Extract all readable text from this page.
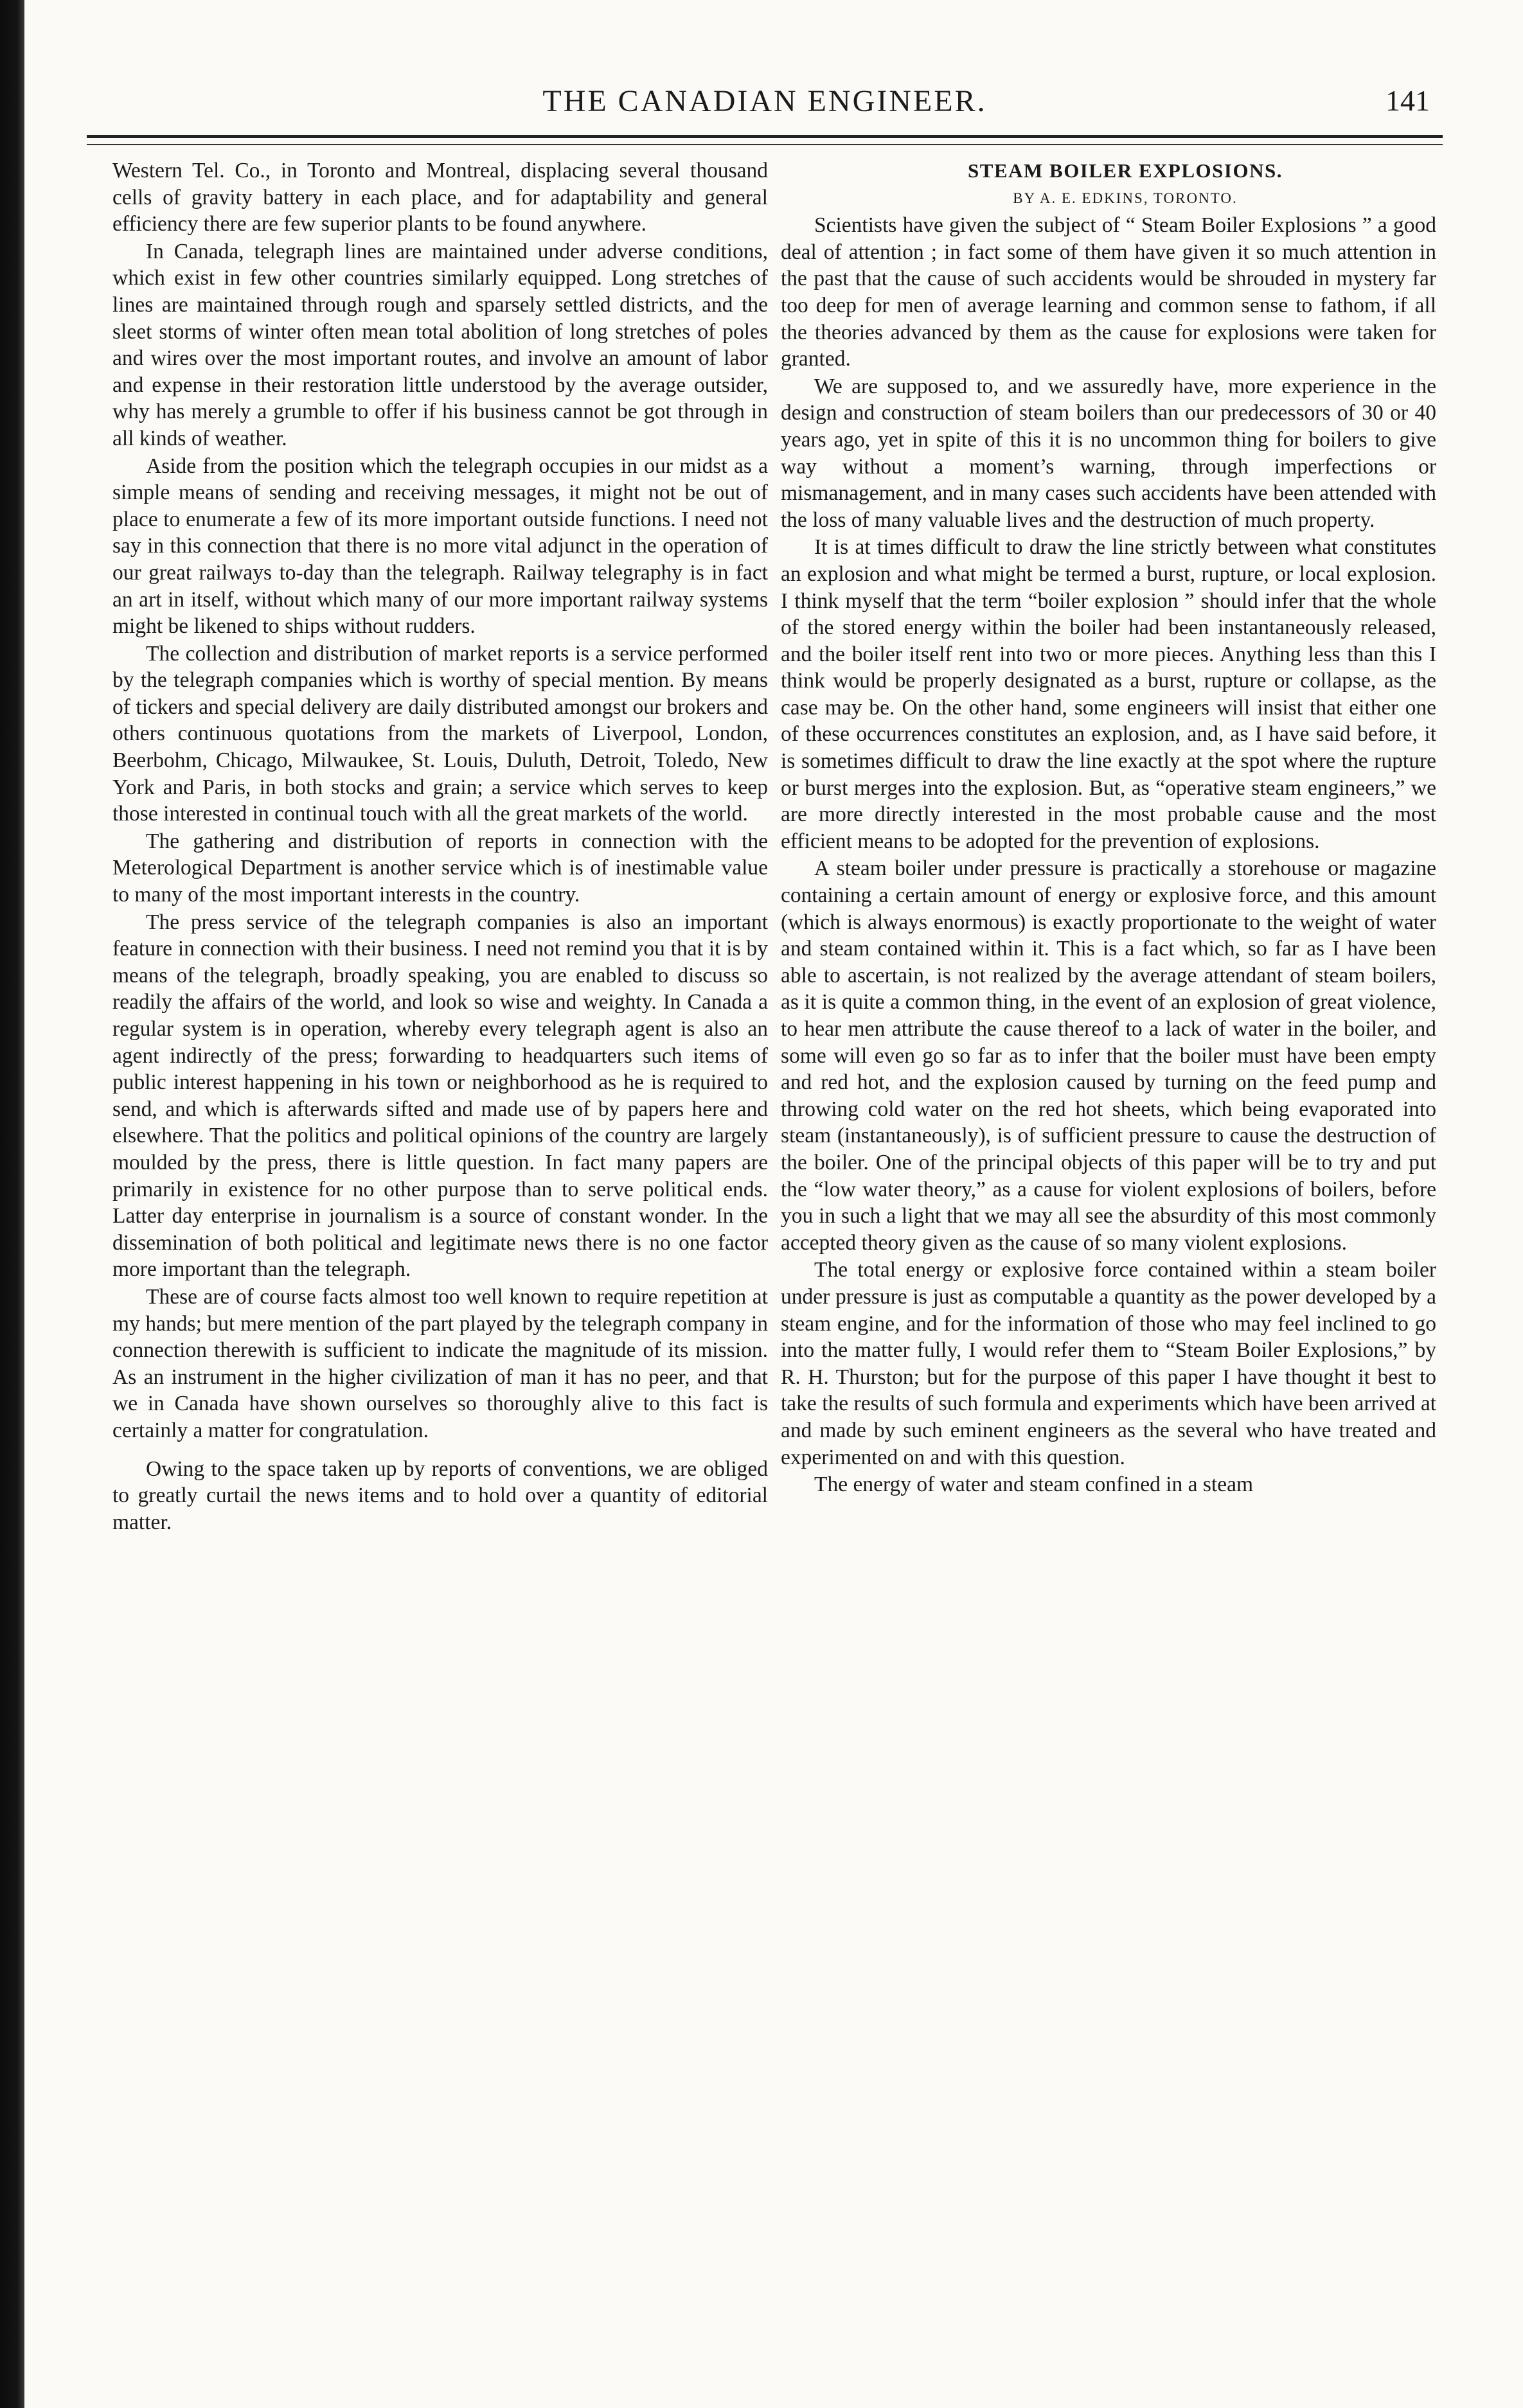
THE CANADIAN ENGINEER.	141

Western Tel. Co., in Toronto and Montreal, displacing several thousand cells of gravity battery in each place, and for adaptability and general efficiency there are few superior plants to be found anywhere.

In Canada, telegraph lines are maintained under adverse conditions, which exist in few other countries similarly equipped. Long stretches of lines are maintained through rough and sparsely settled districts, and the sleet storms of winter often mean total abolition of long stretches of poles and wires over the most important routes, and involve an amount of labor and expense in their restoration little understood by the average outsider, why has merely a grumble to offer if his business cannot be got through in all kinds of weather.

Aside from the position which the telegraph occupies in our midst as a simple means of sending and receiving messages, it might not be out of place to enumerate a few of its more important outside functions. I need not say in this connection that there is no more vital adjunct in the operation of our great railways to-day than the telegraph. Railway telegraphy is in fact an art in itself, without which many of our more important railway systems might be likened to ships without rudders.

The collection and distribution of market reports is a service performed by the telegraph companies which is worthy of special mention. By means of tickers and special delivery are daily distributed amongst our brokers and others continuous quotations from the markets of Liverpool, London, Beerbohm, Chicago, Milwaukee, St. Louis, Duluth, Detroit, Toledo, New York and Paris, in both stocks and grain; a service which serves to keep those interested in continual touch with all the great markets of the world.

The gathering and distribution of reports in connection with the Meterological Department is another service which is of inestimable value to many of the most important interests in the country.

The press service of the telegraph companies is also an important feature in connection with their business. I need not remind you that it is by means of the telegraph, broadly speaking, you are enabled to discuss so readily the affairs of the world, and look so wise and weighty. In Canada a regular system is in operation, whereby every telegraph agent is also an agent indirectly of the press; forwarding to headquarters such items of public interest happening in his town or neighborhood as he is required to send, and which is afterwards sifted and made use of by papers here and elsewhere. That the politics and political opinions of the country are largely moulded by the press, there is little question. In fact many papers are primarily in existence for no other purpose than to serve political ends. Latter day enterprise in journalism is a source of constant wonder. In the dissemination of both political and legitimate news there is no one factor more important than the telegraph.

These are of course facts almost too well known to require repetition at my hands; but mere mention of the part played by the telegraph company in connection therewith is sufficient to indicate the magnitude of its mission. As an instrument in the higher civilization of man it has no peer, and that we in Canada have shown ourselves so thoroughly alive to this fact is certainly a matter for congratulation.

Owing to the space taken up by reports of conventions, we are obliged to greatly curtail the news items and to hold over a quantity of editorial matter.

STEAM BOILER EXPLOSIONS.

BY A. E. EDKINS, TORONTO.

Scientists have given the subject of “ Steam Boiler Explosions ” a good deal of attention ; in fact some of them have given it so much attention in the past that the cause of such accidents would be shrouded in mystery far too deep for men of average learning and common sense to fathom, if all the theories advanced by them as the cause for explosions were taken for granted.

We are supposed to, and we assuredly have, more experience in the design and construction of steam boilers than our predecessors of 30 or 40 years ago, yet in spite of this it is no uncommon thing for boilers to give way without a moment’s warning, through imperfections or mismanagement, and in many cases such accidents have been attended with the loss of many valuable lives and the destruction of much property.

It is at times difficult to draw the line strictly between what constitutes an explosion and what might be termed a burst, rupture, or local explosion. I think myself that the term “boiler explosion ” should infer that the whole of the stored energy within the boiler had been instantaneously released, and the boiler itself rent into two or more pieces. Anything less than this I think would be properly designated as a burst, rupture or collapse, as the case may be. On the other hand, some engineers will insist that either one of these occurrences constitutes an explosion, and, as I have said before, it is sometimes difficult to draw the line exactly at the spot where the rupture or burst merges into the explosion. But, as “operative steam engineers,” we are more directly interested in the most probable cause and the most efficient means to be adopted for the prevention of explosions.

A steam boiler under pressure is practically a storehouse or magazine containing a certain amount of energy or explosive force, and this amount (which is always enormous) is exactly proportionate to the weight of water and steam contained within it. This is a fact which, so far as I have been able to ascertain, is not realized by the average attendant of steam boilers, as it is quite a common thing, in the event of an explosion of great violence, to hear men attribute the cause thereof to a lack of water in the boiler, and some will even go so far as to infer that the boiler must have been empty and red hot, and the explosion caused by turning on the feed pump and throwing cold water on the red hot sheets, which being evaporated into steam (instantaneously), is of sufficient pressure to cause the destruction of the boiler. One of the principal objects of this paper will be to try and put the “low water theory,” as a cause for violent explosions of boilers, before you in such a light that we may all see the absurdity of this most commonly accepted theory given as the cause of so many violent explosions.

The total energy or explosive force contained within a steam boiler under pressure is just as computable a quantity as the power developed by a steam engine, and for the information of those who may feel inclined to go into the matter fully, I would refer them to “Steam Boiler Explosions,” by R. H. Thurston; but for the purpose of this paper I have thought it best to take the results of such formula and experiments which have been arrived at and made by such eminent engineers as the several who have treated and experimented on and with this question.

The energy of water and steam confined in a steam
